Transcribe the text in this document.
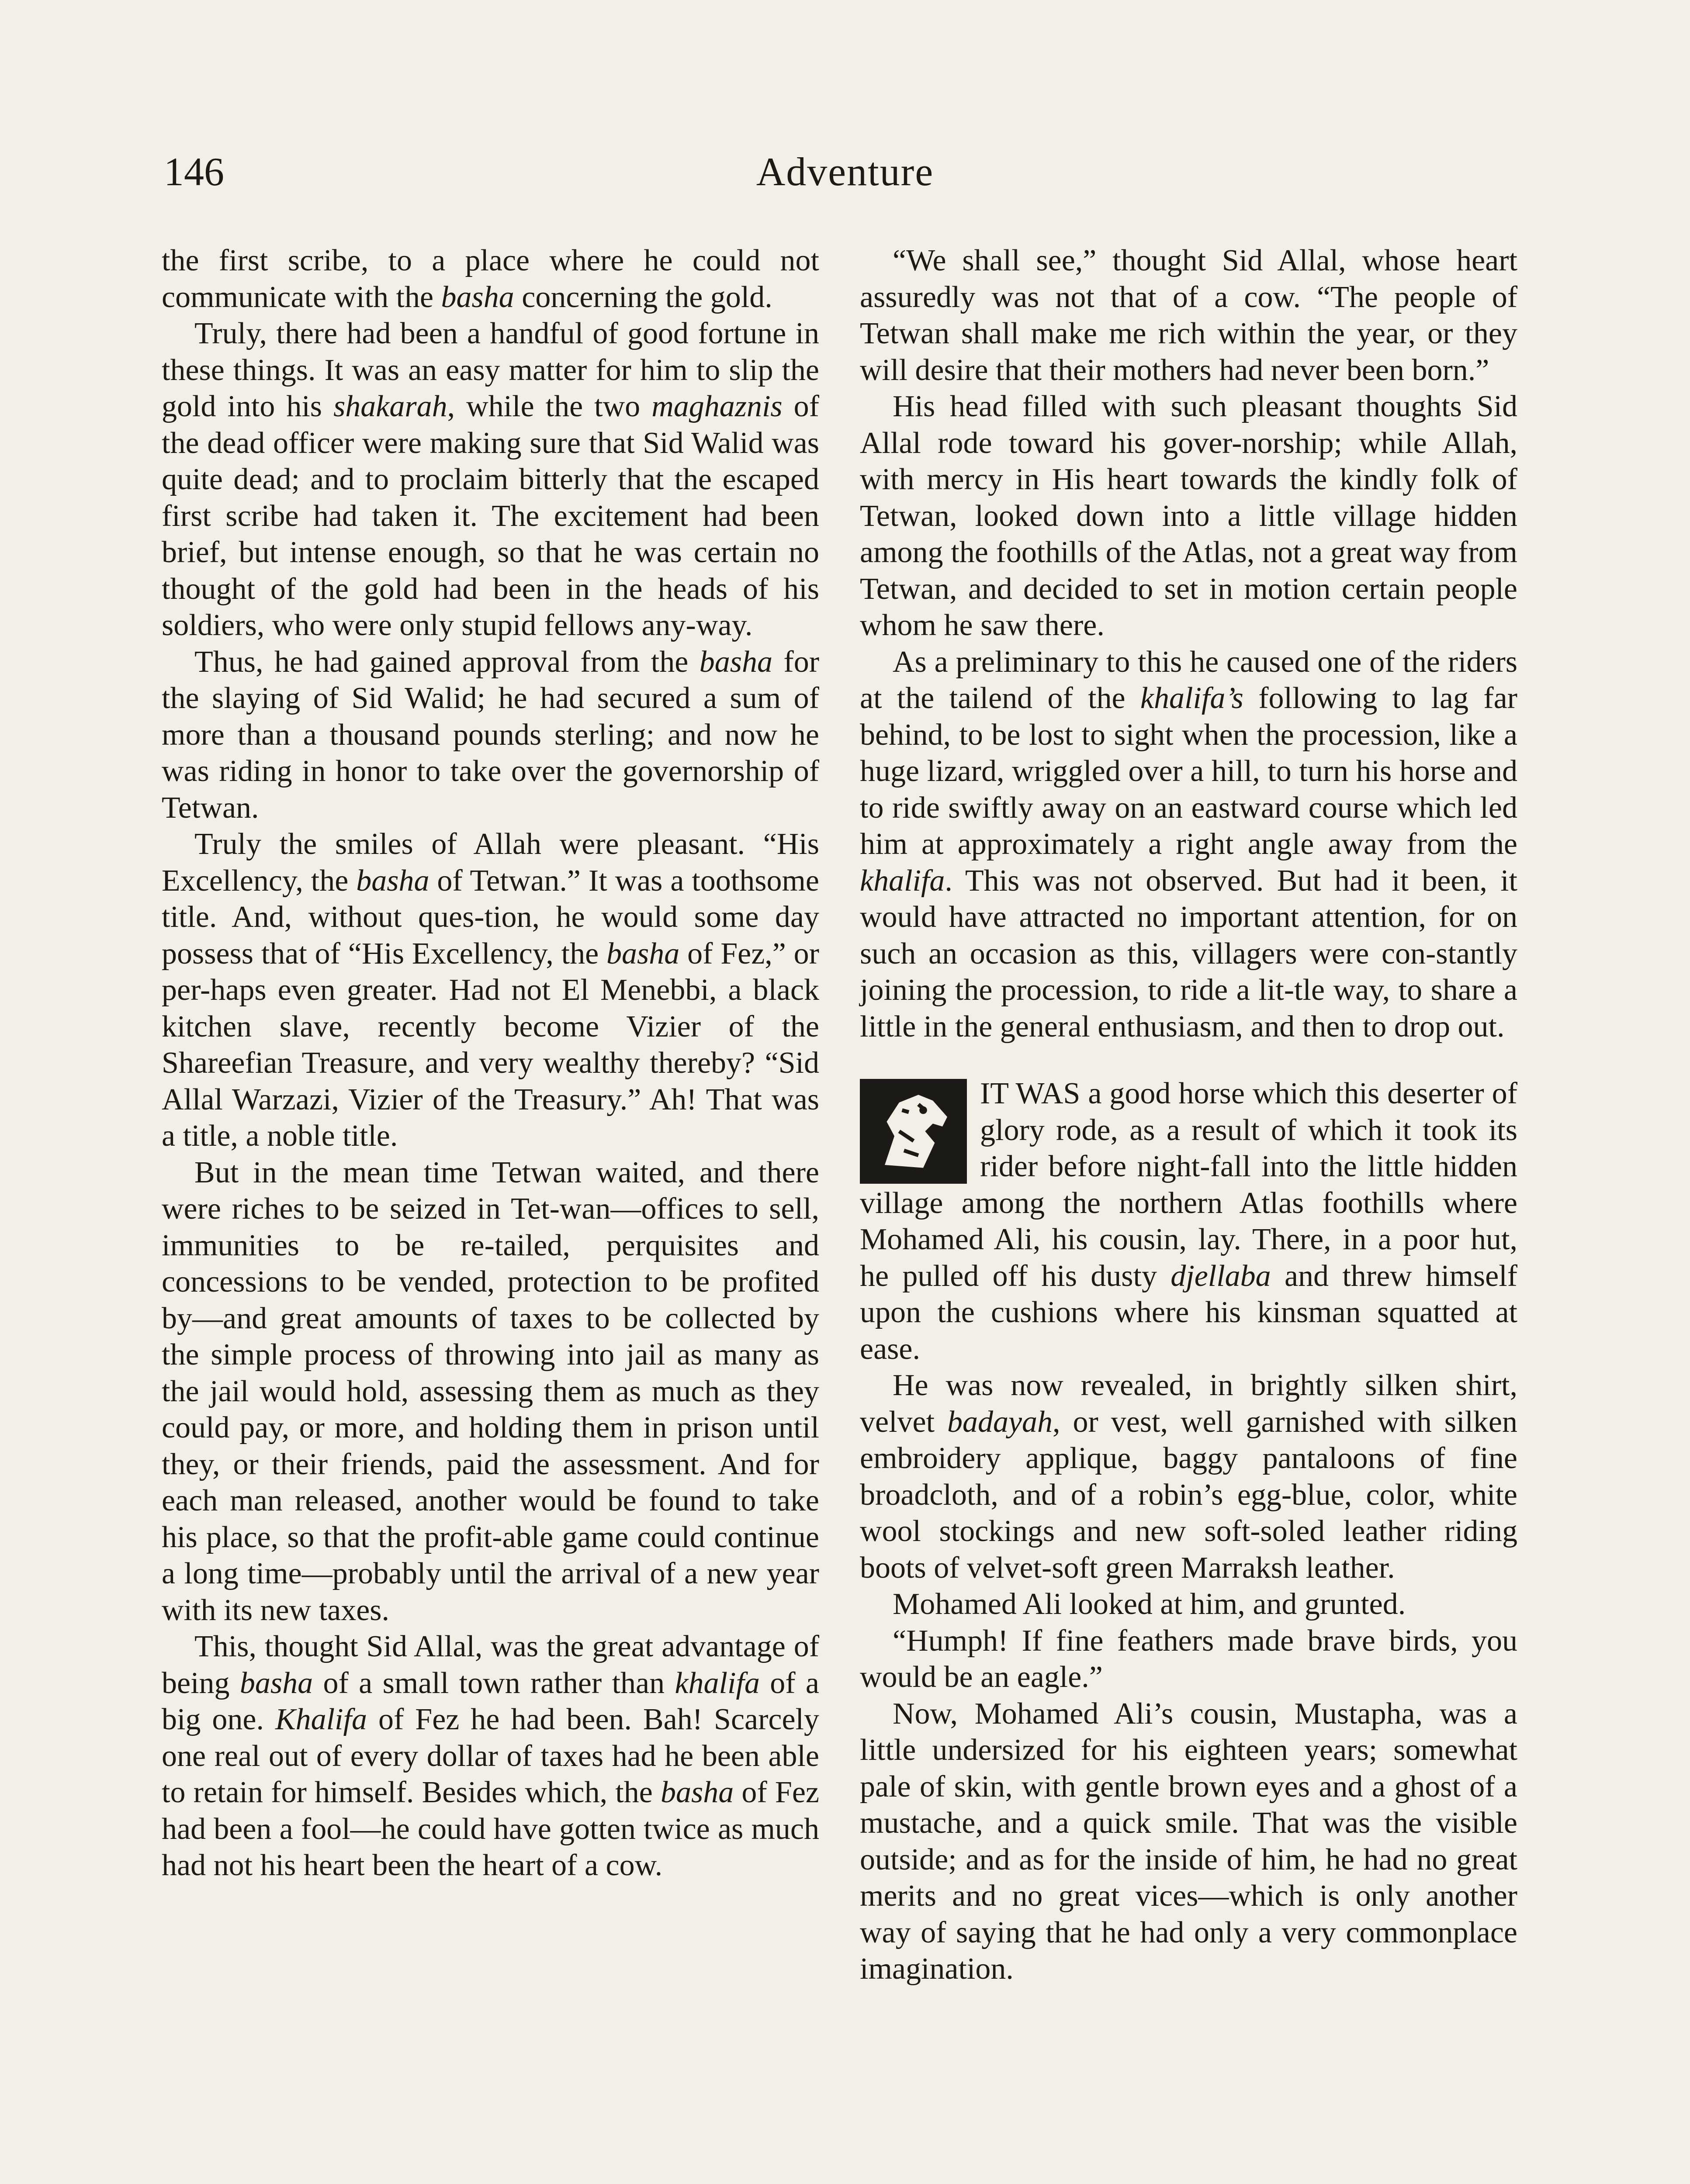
146	Adventure

the first scribe, to a place where he could not communicate with the basha concerning the gold.

Truly, there had been a handful of good fortune in these things. It was an easy matter for him to slip the gold into his shakarah, while the two maghaznis of the dead officer were making sure that Sid Walid was quite dead; and to proclaim bitterly that the escaped first scribe had taken it. The excitement had been brief, but intense enough, so that he was certain no thought of the gold had been in the heads of his soldiers, who were only stupid fellows any-way.

Thus, he had gained approval from the basha for the slaying of Sid Walid; he had secured a sum of more than a thousand pounds sterling; and now he was riding in honor to take over the governorship of Tetwan.

Truly the smiles of Allah were pleasant. “His Excellency, the basha of Tetwan.” It was a toothsome title. And, without ques-tion, he would some day possess that of “His Excellency, the basha of Fez,” or per-haps even greater. Had not El Menebbi, a black kitchen slave, recently become Vizier of the Shareefian Treasure, and very wealthy thereby? “Sid Allal Warzazi, Vizier of the Treasury.” Ah! That was a title, a noble title.

But in the mean time Tetwan waited, and there were riches to be seized in Tet-wan—offices to sell, immunities to be re-tailed, perquisites and concessions to be vended, protection to be profited by—and great amounts of taxes to be collected by the simple process of throwing into jail as many as the jail would hold, assessing them as much as they could pay, or more, and holding them in prison until they, or their friends, paid the assessment. And for each man released, another would be found to take his place, so that the profit-able game could continue a long time—probably until the arrival of a new year with its new taxes.

This, thought Sid Allal, was the great advantage of being basha of a small town rather than khalifa of a big one. Khalifa of Fez he had been. Bah! Scarcely one real out of every dollar of taxes had he been able to retain for himself. Besides which, the basha of Fez had been a fool—he could have gotten twice as much had not his heart been the heart of a cow.

“We shall see,” thought Sid Allal, whose heart assuredly was not that of a cow. “The people of Tetwan shall make me rich within the year, or they will desire that their mothers had never been born.”

His head filled with such pleasant thoughts Sid Allal rode toward his gover-norship; while Allah, with mercy in His heart towards the kindly folk of Tetwan, looked down into a little village hidden among the foothills of the Atlas, not a great way from Tetwan, and decided to set in motion certain people whom he saw there.

As a preliminary to this he caused one of the riders at the tailend of the khalifa’s following to lag far behind, to be lost to sight when the procession, like a huge lizard, wriggled over a hill, to turn his horse and to ride swiftly away on an eastward course which led him at approximately a right angle away from the khalifa. This was not observed. But had it been, it would have attracted no important attention, for on such an occasion as this, villagers were con-stantly joining the procession, to ride a lit-tle way, to share a little in the general enthusiasm, and then to drop out.

IT WAS a good horse which this deserter of glory rode, as a result of which it took its rider before night-fall into the little hidden village among the northern Atlas foothills where Mohamed Ali, his cousin, lay. There, in a poor hut, he pulled off his dusty djellaba and threw himself upon the cushions where his kinsman squatted at ease.

He was now revealed, in brightly silken shirt, velvet badayah, or vest, well garnished with silken embroidery applique, baggy pantaloons of fine broadcloth, and of a robin’s egg-blue, color, white wool stockings and new soft-soled leather riding boots of velvet-soft green Marraksh leather.

Mohamed Ali looked at him, and grunted.

“Humph! If fine feathers made brave birds, you would be an eagle.”

Now, Mohamed Ali’s cousin, Mustapha, was a little undersized for his eighteen years; somewhat pale of skin, with gentle brown eyes and a ghost of a mustache, and a quick smile. That was the visible outside; and as for the inside of him, he had no great merits and no great vices—which is only another way of saying that he had only a very commonplace imagination.
